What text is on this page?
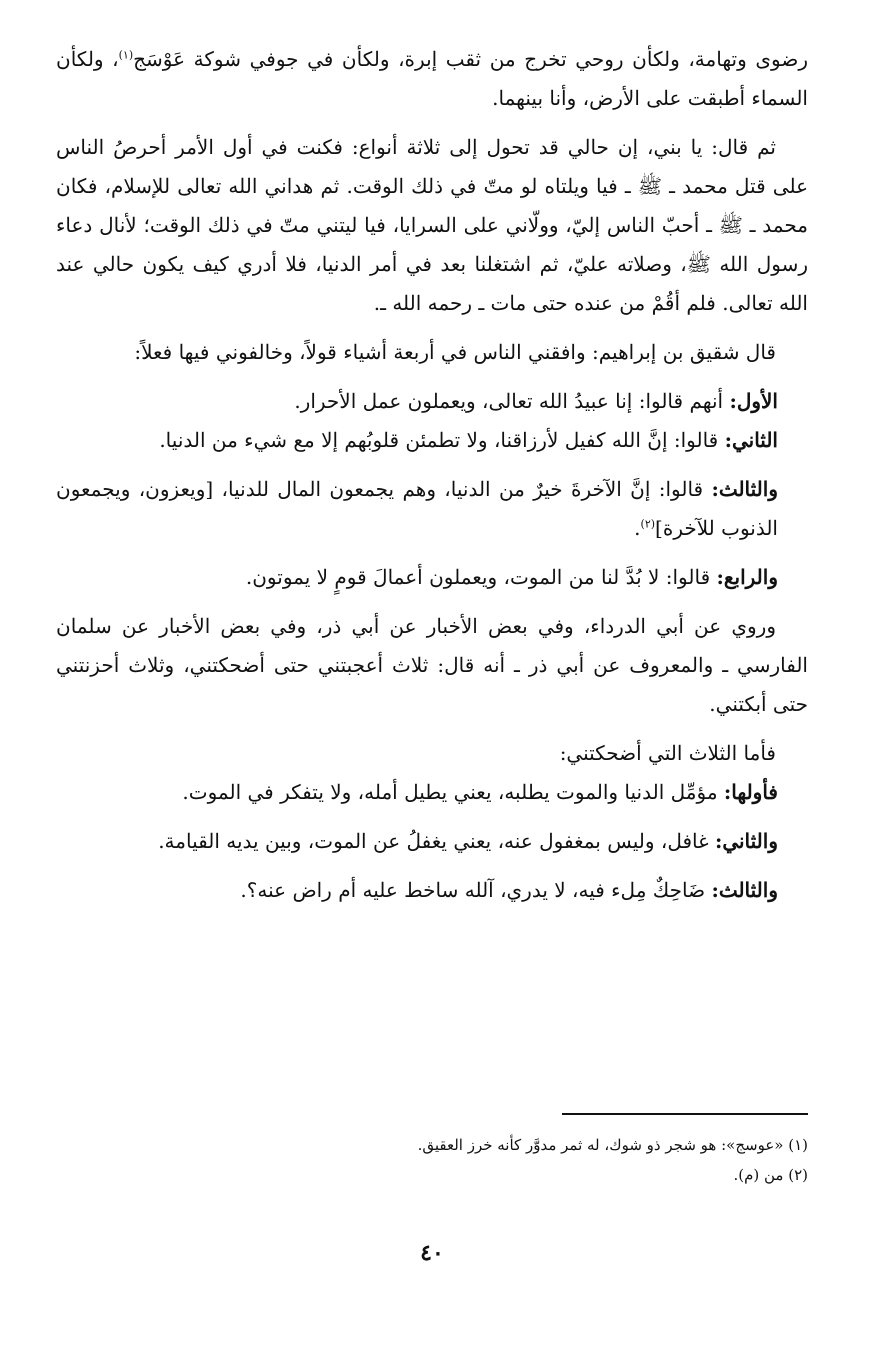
رضوى وتهامة، ولكأن روحي تخرج من ثقب إبرة، ولكأن في جوفي شوكة عَوْسَج$^{(١)}$، ولكأن السماء أطبقت على الأرض، وأنا بينهما.

ثم قال: يا بني، إن حالي قد تحول إلى ثلاثة أنواع: فكنت في أول الأمر أحرصُ الناس على قتل محمد ـ ﷺ ـ فيا ويلتاه لو متّ في ذلك الوقت. ثم هداني الله تعالى للإسلام، فكان محمد ـ ﷺ ـ أحبّ الناس إليّ، وولّاني على السرايا، فيا ليتني متّ في ذلك الوقت؛ لأنال دعاء رسول الله ﷺ، وصلاته عليّ، ثم اشتغلنا بعد في أمر الدنيا، فلا أدري كيف يكون حالي عند الله تعالى. فلم أقُمْ من عنده حتى مات ـ رحمه الله ـ.

قال شقيق بن إبراهيم: وافقني الناس في أربعة أشياء قولاً، وخالفوني فيها فعلاً:

الأول: أنهم قالوا: إنا عبيدُ الله تعالى، ويعملون عمل الأحرار.

الثاني: قالوا: إنَّ الله كفيل لأرزاقنا، ولا تطمئن قلوبُهم إلا مع شيء من الدنيا.

والثالث: قالوا: إنَّ الآخرةَ خيرٌ من الدنيا، وهم يجمعون المال للدنيا، [ويعزون، ويجمعون الذنوب للآخرة]$^{(٢)}$.

والرابع: قالوا: لا بُدَّ لنا من الموت، ويعملون أعمالَ قومٍ لا يموتون.

وروي عن أبي الدرداء، وفي بعض الأخبار عن أبي ذر، وفي بعض الأخبار عن سلمان الفارسي ـ والمعروف عن أبي ذر ـ أنه قال: ثلاث أعجبتني حتى أضحكتني، وثلاث أحزنتني حتى أبكتني.

فأما الثلاث التي أضحكتني:

فأولها: مؤمِّل الدنيا والموت يطلبه، يعني يطيل أمله، ولا يتفكر في الموت.

والثاني: غافل، وليس بمغفول عنه، يعني يغفلُ عن الموت، وبين يديه القيامة.

والثالث: ضَاحِكٌ مِلء فيه، لا يدري، آلله ساخط عليه أم راض عنه؟.

(١) «عوسج»: هو شجر ذو شوك، له ثمر مدوَّر كأنه خرز العقيق.

(٢) من (م).

٤٠
